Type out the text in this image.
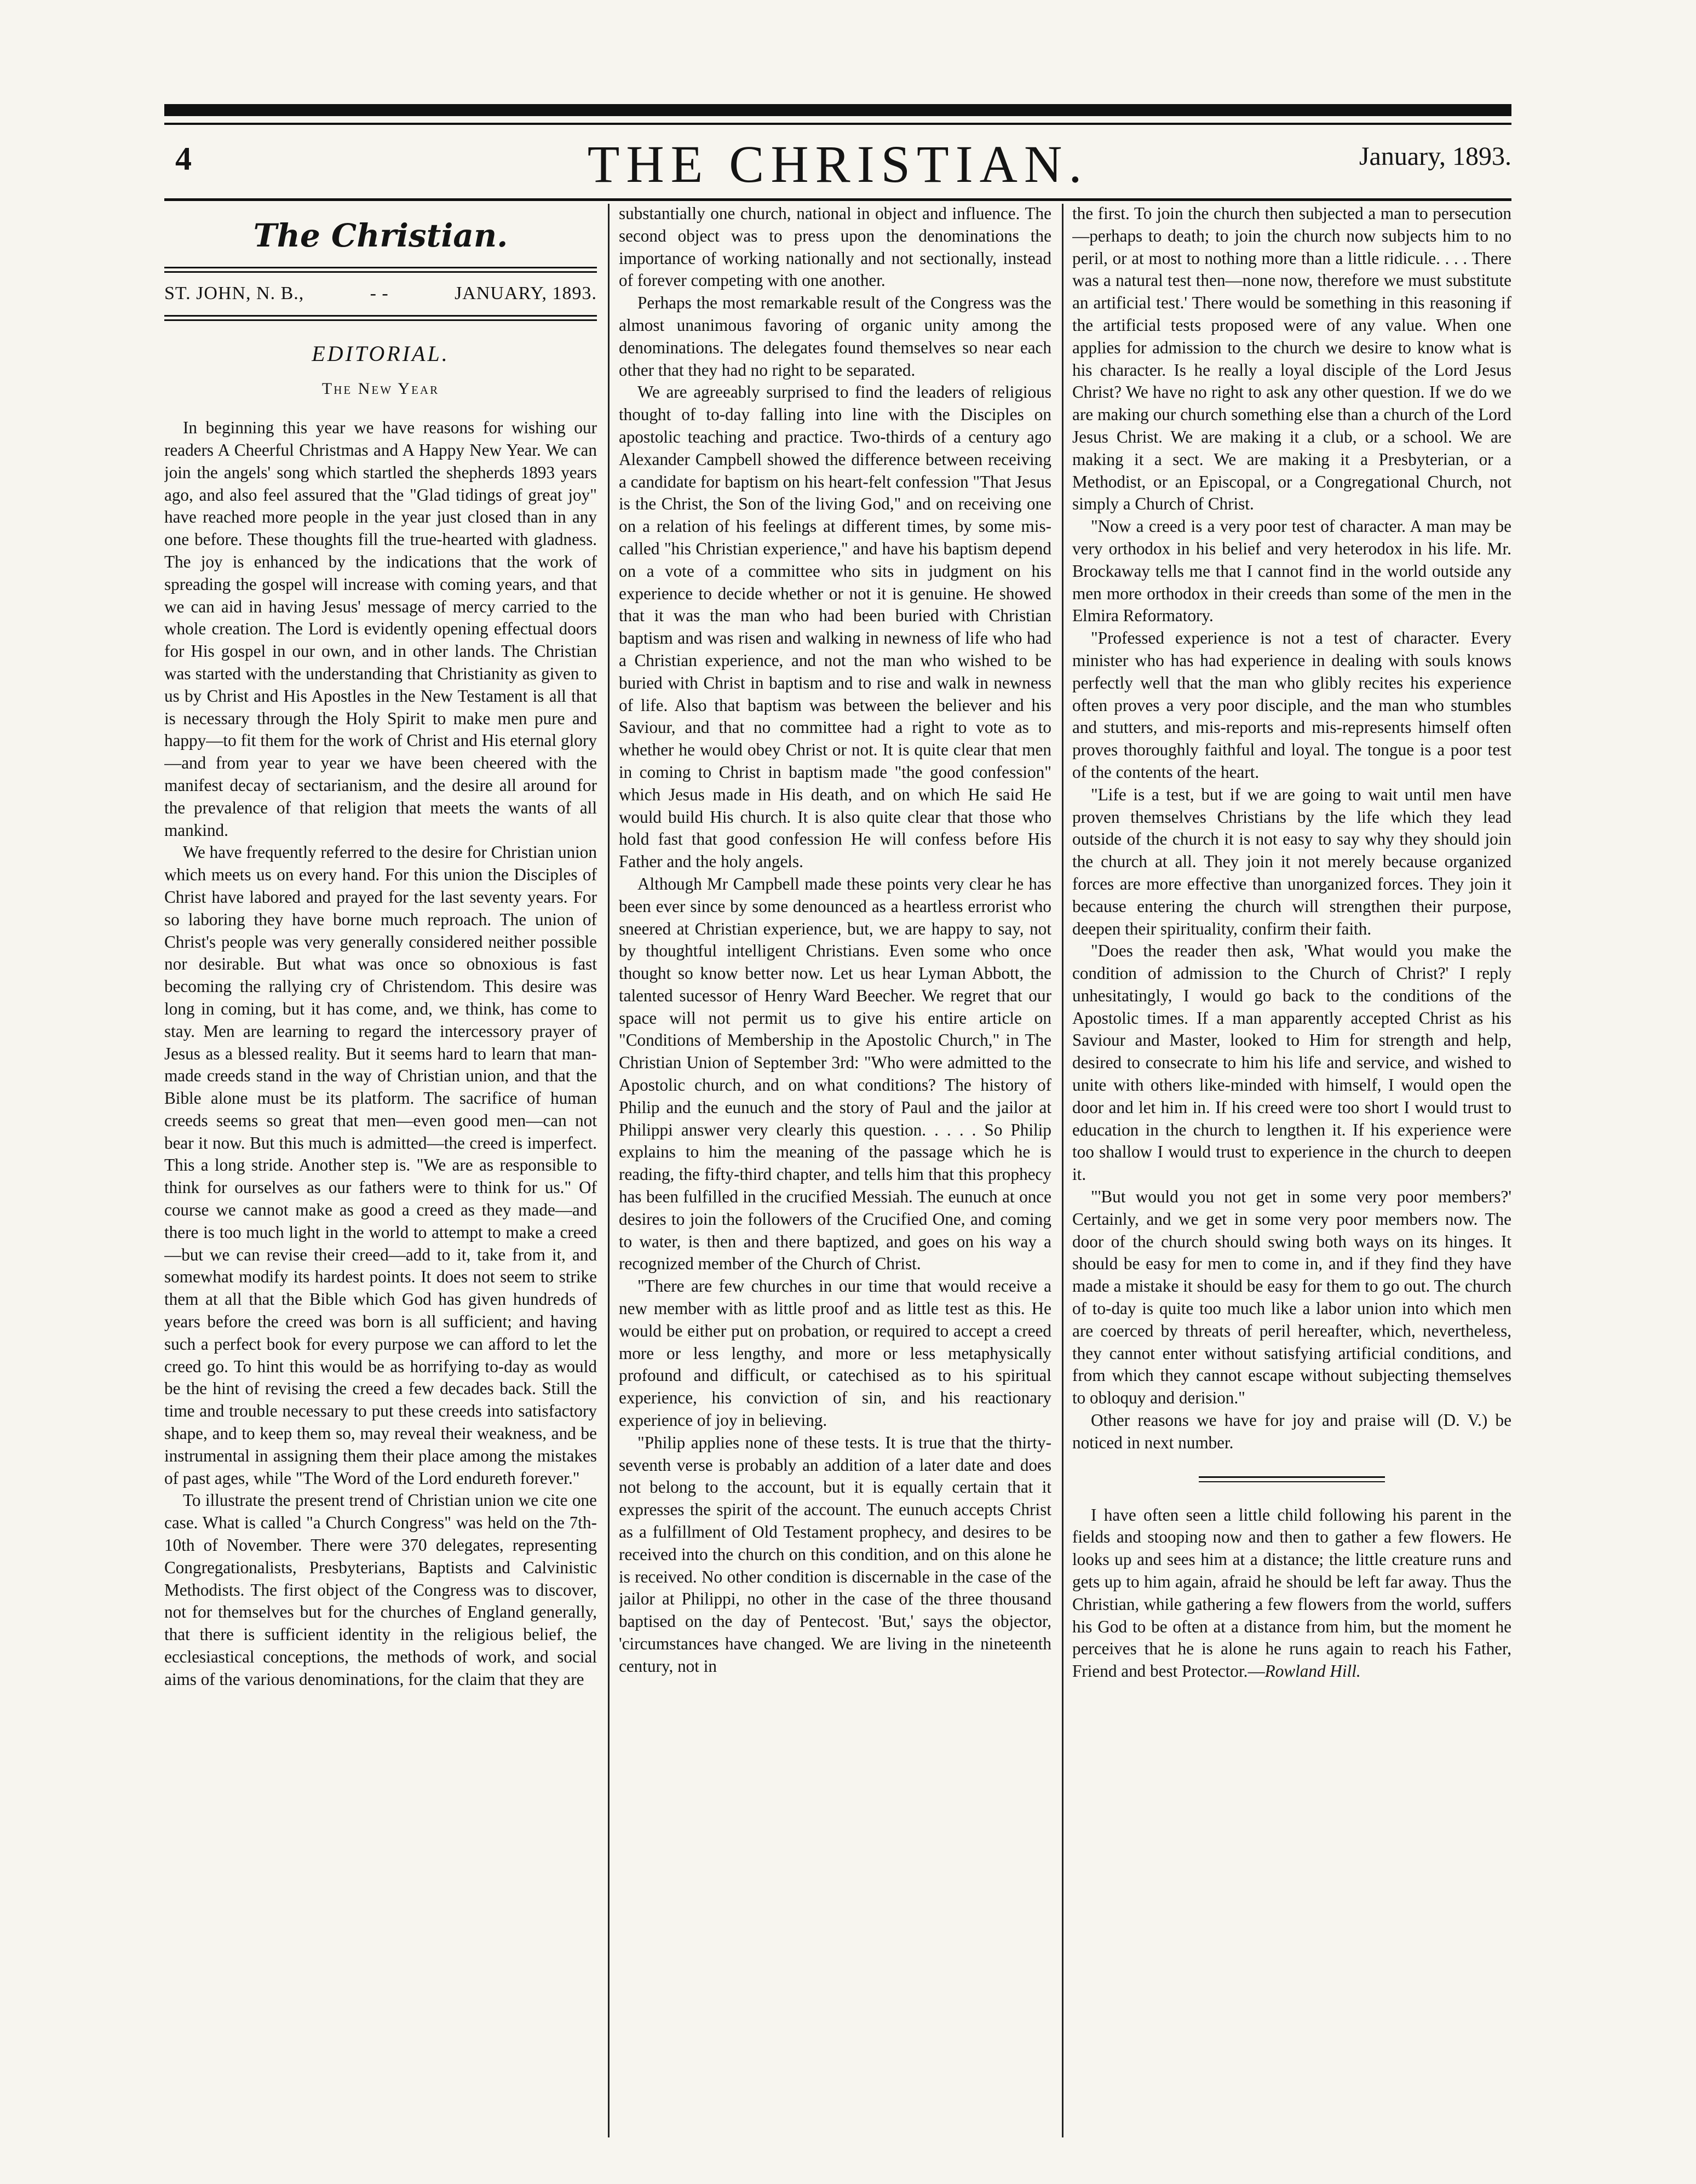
4	THE CHRISTIAN.	January, 1893.
The Christian.
ST. JOHN, N. B.,	- -	JANUARY, 1893.
EDITORIAL.
The New Year

In beginning this year we have reasons for wishing our readers A Cheerful Christmas and A Happy New Year. We can join the angels' song which startled the shepherds 1893 years ago, and also feel assured that the "Glad tidings of great joy" have reached more people in the year just closed than in any one before. These thoughts fill the true-hearted with gladness. The joy is enhanced by the indications that the work of spreading the gospel will increase with coming years, and that we can aid in having Jesus' message of mercy carried to the whole creation. The Lord is evidently opening effectual doors for His gospel in our own, and in other lands. The Christian was started with the understanding that Christianity as given to us by Christ and His Apostles in the New Testament is all that is necessary through the Holy Spirit to make men pure and happy—to fit them for the work of Christ and His eternal glory—and from year to year we have been cheered with the manifest decay of sectarianism, and the desire all around for the prevalence of that religion that meets the wants of all mankind.

We have frequently referred to the desire for Christian union which meets us on every hand. For this union the Disciples of Christ have labored and prayed for the last seventy years. For so laboring they have borne much reproach. The union of Christ's people was very generally considered neither possible nor desirable. But what was once so obnoxious is fast becoming the rallying cry of Christendom. This desire was long in coming, but it has come, and, we think, has come to stay. Men are learning to regard the intercessory prayer of Jesus as a blessed reality. But it seems hard to learn that man-made creeds stand in the way of Christian union, and that the Bible alone must be its platform. The sacrifice of human creeds seems so great that men—even good men—can not bear it now. But this much is admitted—the creed is imperfect. This a long stride. Another step is. "We are as responsible to think for ourselves as our fathers were to think for us." Of course we cannot make as good a creed as they made—and there is too much light in the world to attempt to make a creed—but we can revise their creed—add to it, take from it, and somewhat modify its hardest points. It does not seem to strike them at all that the Bible which God has given hundreds of years before the creed was born is all sufficient; and having such a perfect book for every purpose we can afford to let the creed go. To hint this would be as horrifying to-day as would be the hint of revising the creed a few decades back. Still the time and trouble necessary to put these creeds into satisfactory shape, and to keep them so, may reveal their weakness, and be instrumental in assigning them their place among the mistakes of past ages, while "The Word of the Lord endureth forever."

To illustrate the present trend of Christian union we cite one case. What is called "a Church Congress" was held on the 7th-10th of November. There were 370 delegates, representing Congregationalists, Presbyterians, Baptists and Calvinistic Methodists. The first object of the Congress was to discover, not for themselves but for the churches of England generally, that there is sufficient identity in the religious belief, the ecclesiastical conceptions, the methods of work, and social aims of the various denominations, for the claim that they are

substantially one church, national in object and influence. The second object was to press upon the denominations the importance of working nationally and not sectionally, instead of forever competing with one another.

Perhaps the most remarkable result of the Congress was the almost unanimous favoring of organic unity among the denominations. The delegates found themselves so near each other that they had no right to be separated.

We are agreeably surprised to find the leaders of religious thought of to-day falling into line with the Disciples on apostolic teaching and practice. Two-thirds of a century ago Alexander Campbell showed the difference between receiving a candidate for baptism on his heart-felt confession "That Jesus is the Christ, the Son of the living God," and on receiving one on a relation of his feelings at different times, by some mis-called "his Christian experience," and have his baptism depend on a vote of a committee who sits in judgment on his experience to decide whether or not it is genuine. He showed that it was the man who had been buried with Christian baptism and was risen and walking in newness of life who had a Christian experience, and not the man who wished to be buried with Christ in baptism and to rise and walk in newness of life. Also that baptism was between the believer and his Saviour, and that no committee had a right to vote as to whether he would obey Christ or not. It is quite clear that men in coming to Christ in baptism made "the good confession" which Jesus made in His death, and on which He said He would build His church. It is also quite clear that those who hold fast that good confession He will confess before His Father and the holy angels.

Although Mr Campbell made these points very clear he has been ever since by some denounced as a heartless errorist who sneered at Christian experience, but, we are happy to say, not by thoughtful intelligent Christians. Even some who once thought so know better now. Let us hear Lyman Abbott, the talented sucessor of Henry Ward Beecher. We regret that our space will not permit us to give his entire article on "Conditions of Membership in the Apostolic Church," in The Christian Union of September 3rd: "Who were admitted to the Apostolic church, and on what conditions? The history of Philip and the eunuch and the story of Paul and the jailor at Philippi answer very clearly this question. . . . . So Philip explains to him the meaning of the passage which he is reading, the fifty-third chapter, and tells him that this prophecy has been fulfilled in the crucified Messiah. The eunuch at once desires to join the followers of the Crucified One, and coming to water, is then and there baptized, and goes on his way a recognized member of the Church of Christ.

"There are few churches in our time that would receive a new member with as little proof and as little test as this. He would be either put on probation, or required to accept a creed more or less lengthy, and more or less metaphysically profound and difficult, or catechised as to his spiritual experience, his conviction of sin, and his reactionary experience of joy in believing.

"Philip applies none of these tests. It is true that the thirty-seventh verse is probably an addition of a later date and does not belong to the account, but it is equally certain that it expresses the spirit of the account. The eunuch accepts Christ as a fulfillment of Old Testament prophecy, and desires to be received into the church on this condition, and on this alone he is received. No other condition is discernable in the case of the jailor at Philippi, no other in the case of the three thousand baptised on the day of Pentecost. 'But,' says the objector, 'circumstances have changed. We are living in the nineteenth century, not in

the first. To join the church then subjected a man to persecution—perhaps to death; to join the church now subjects him to no peril, or at most to nothing more than a little ridicule. . . . There was a natural test then—none now, therefore we must substitute an artificial test.' There would be something in this reasoning if the artificial tests proposed were of any value. When one applies for admission to the church we desire to know what is his character. Is he really a loyal disciple of the Lord Jesus Christ? We have no right to ask any other question. If we do we are making our church something else than a church of the Lord Jesus Christ. We are making it a club, or a school. We are making it a sect. We are making it a Presbyterian, or a Methodist, or an Episcopal, or a Congregational Church, not simply a Church of Christ.

"Now a creed is a very poor test of character. A man may be very orthodox in his belief and very heterodox in his life. Mr. Brockaway tells me that I cannot find in the world outside any men more orthodox in their creeds than some of the men in the Elmira Reformatory.

"Professed experience is not a test of character. Every minister who has had experience in dealing with souls knows perfectly well that the man who glibly recites his experience often proves a very poor disciple, and the man who stumbles and stutters, and mis-reports and mis-represents himself often proves thoroughly faithful and loyal. The tongue is a poor test of the contents of the heart.

"Life is a test, but if we are going to wait until men have proven themselves Christians by the life which they lead outside of the church it is not easy to say why they should join the church at all. They join it not merely because organized forces are more effective than unorganized forces. They join it because entering the church will strengthen their purpose, deepen their spirituality, confirm their faith.

"Does the reader then ask, 'What would you make the condition of admission to the Church of Christ?' I reply unhesitatingly, I would go back to the conditions of the Apostolic times. If a man apparently accepted Christ as his Saviour and Master, looked to Him for strength and help, desired to consecrate to him his life and service, and wished to unite with others like-minded with himself, I would open the door and let him in. If his creed were too short I would trust to education in the church to lengthen it. If his experience were too shallow I would trust to experience in the church to deepen it.

"'But would you not get in some very poor members?' Certainly, and we get in some very poor members now. The door of the church should swing both ways on its hinges. It should be easy for men to come in, and if they find they have made a mistake it should be easy for them to go out. The church of to-day is quite too much like a labor union into which men are coerced by threats of peril hereafter, which, nevertheless, they cannot enter without satisfying artificial conditions, and from which they cannot escape without subjecting themselves to obloquy and derision."

Other reasons we have for joy and praise will (D. V.) be noticed in next number.

I have often seen a little child following his parent in the fields and stooping now and then to gather a few flowers. He looks up and sees him at a distance; the little creature runs and gets up to him again, afraid he should be left far away. Thus the Christian, while gathering a few flowers from the world, suffers his God to be often at a distance from him, but the moment he perceives that he is alone he runs again to reach his Father, Friend and best Protector.—Rowland Hill.
